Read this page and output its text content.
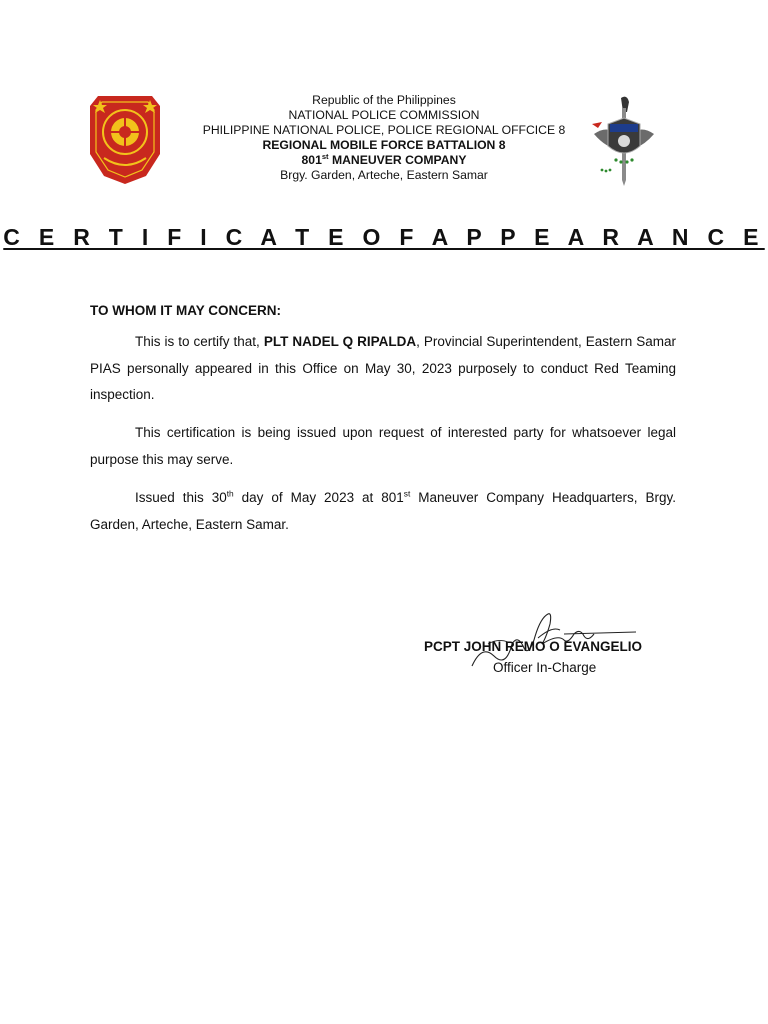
Republic of the Philippines
NATIONAL POLICE COMMISSION
PHILIPPINE NATIONAL POLICE, POLICE REGIONAL OFFCICE 8
REGIONAL MOBILE FORCE BATTALION 8
801st MANEUVER COMPANY
Brgy. Garden, Arteche, Eastern Samar
C E R T I F I C A T E O F A P P E A R A N C E
TO WHOM IT MAY CONCERN:
This is to certify that, PLT NADEL Q RIPALDA, Provincial Superintendent, Eastern Samar PIAS personally appeared in this Office on May 30, 2023 purposely to conduct Red Teaming inspection.
This certification is being issued upon request of interested party for whatsoever legal purpose this may serve.
Issued this 30th day of May 2023 at 801st Maneuver Company Headquarters, Brgy. Garden, Arteche, Eastern Samar.
PCPT JOHN REMO O EVANGELIO
Officer In-Charge
